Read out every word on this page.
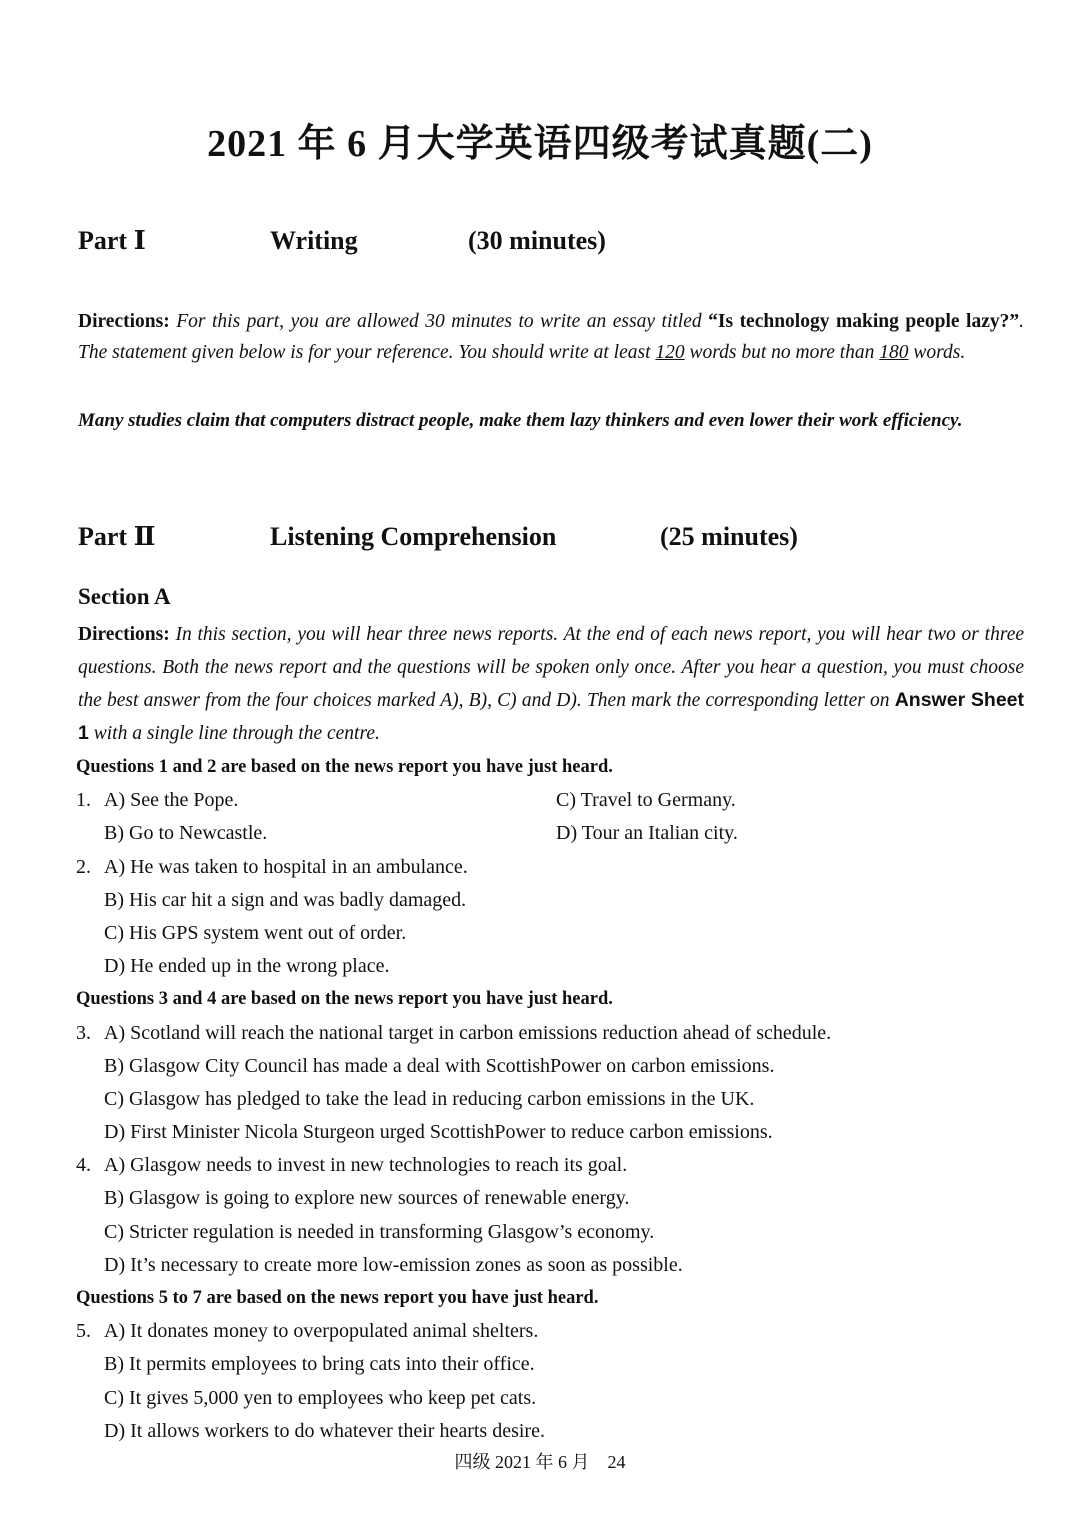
2021 年 6 月大学英语四级考试真题(二)
Part Ⅰ	Writing	(30 minutes)

Directions: For this part, you are allowed 30 minutes to write an essay titled “Is technology making people lazy?”. The statement given below is for your reference. You should write at least 120 words but no more than 180 words.

Many studies claim that computers distract people, make them lazy thinkers and even lower their work efficiency.

Part Ⅱ	Listening Comprehension	(25 minutes)
Section A

Directions: In this section, you will hear three news reports. At the end of each news report, you will hear two or three questions. Both the news report and the questions will be spoken only once. After you hear a question, you must choose the best answer from the four choices marked A), B), C) and D). Then mark the corresponding letter on Answer Sheet 1 with a single line through the centre.

Questions 1 and 2 are based on the news report you have just heard.
1. A) See the Pope.	C) Travel to Germany.
B) Go to Newcastle.	D) Tour an Italian city.
2. A) He was taken to hospital in an ambulance.
B) His car hit a sign and was badly damaged.
C) His GPS system went out of order.
D) He ended up in the wrong place.
Questions 3 and 4 are based on the news report you have just heard.
3. A) Scotland will reach the national target in carbon emissions reduction ahead of schedule.
B) Glasgow City Council has made a deal with ScottishPower on carbon emissions.
C) Glasgow has pledged to take the lead in reducing carbon emissions in the UK.
D) First Minister Nicola Sturgeon urged ScottishPower to reduce carbon emissions.
4. A) Glasgow needs to invest in new technologies to reach its goal.
B) Glasgow is going to explore new sources of renewable energy.
C) Stricter regulation is needed in transforming Glasgow’s economy.
D) It’s necessary to create more low-emission zones as soon as possible.
Questions 5 to 7 are based on the news report you have just heard.
5. A) It donates money to overpopulated animal shelters.
B) It permits employees to bring cats into their office.
C) It gives 5,000 yen to employees who keep pet cats.
D) It allows workers to do whatever their hearts desire.
四级 2021 年 6 月　24
